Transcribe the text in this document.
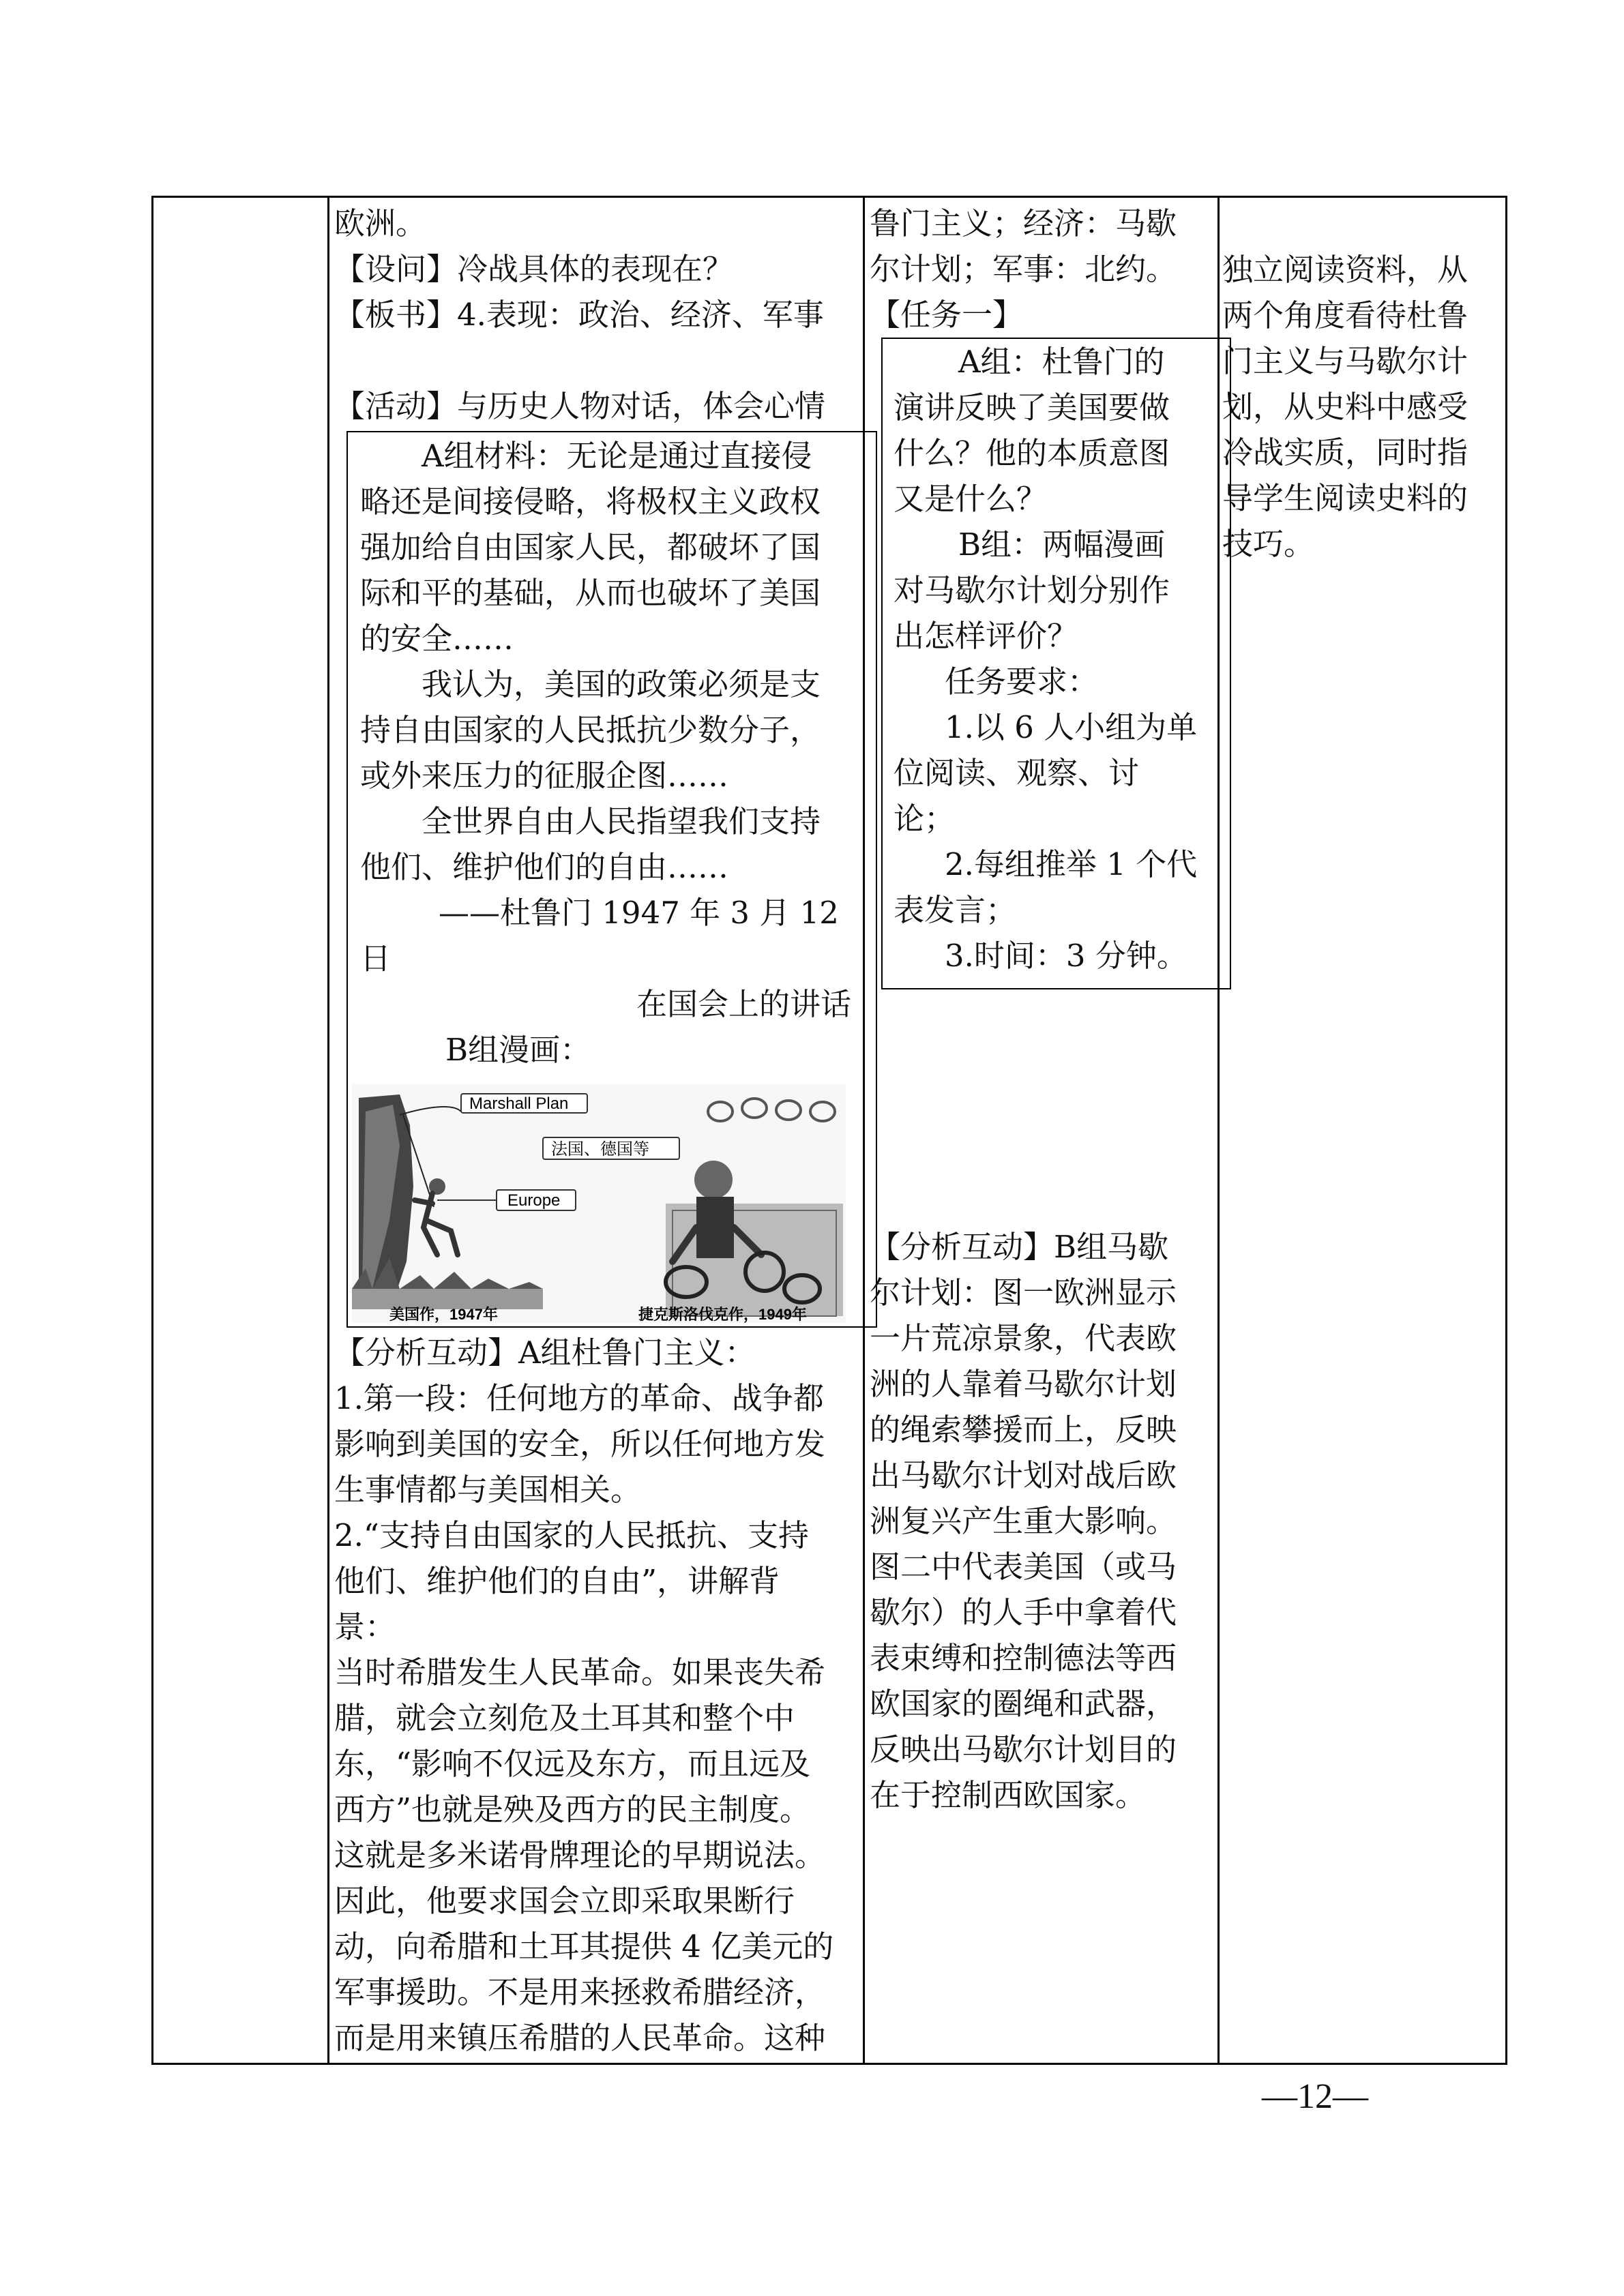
欧洲。

【设问】冷战具体的表现在？

【板书】4.表现：政治、经济、军事

【活动】与历史人物对话，体会心情

A组材料：无论是通过直接侵

略还是间接侵略，将极权主义政权

强加给自由国家人民，都破坏了国

际和平的基础，从而也破坏了美国

的安全……

我认为，美国的政策必须是支

持自由国家的人民抵抗少数分子，

或外来压力的征服企图……

全世界自由人民指望我们支持

他们、维护他们的自由……

——杜鲁门 1947 年 3 月 12

日

在国会上的讲话

B组漫画：

Marshall Plan
Europe
法国、德国等
美国作，1947年	捷克斯洛伐克作，1949年

【分析互动】A组杜鲁门主义：

1.第一段：任何地方的革命、战争都

影响到美国的安全，所以任何地方发

生事情都与美国相关。

2.“支持自由国家的人民抵抗、支持

他们、维护他们的自由”，讲解背

景：

当时希腊发生人民革命。如果丧失希

腊，就会立刻危及土耳其和整个中

东，“影响不仅远及东方，而且远及

西方”也就是殃及西方的民主制度。

这就是多米诺骨牌理论的早期说法。

因此，他要求国会立即采取果断行

动，向希腊和土耳其提供 4 亿美元的

军事援助。不是用来拯救希腊经济，

而是用来镇压希腊的人民革命。这种

鲁门主义；经济：马歇

尔计划；军事：北约。

【任务一】

A组：杜鲁门的

演讲反映了美国要做

什么？他的本质意图

又是什么？

B组：两幅漫画

对马歇尔计划分别作

出怎样评价？

任务要求：

1.以 6 人小组为单

位阅读、观察、讨

论；

2.每组推举 1 个代

表发言；

3.时间：3 分钟。

【分析互动】B组马歇

尔计划：图一欧洲显示

一片荒凉景象，代表欧

洲的人靠着马歇尔计划

的绳索攀援而上，反映

出马歇尔计划对战后欧

洲复兴产生重大影响。

图二中代表美国（或马

歇尔）的人手中拿着代

表束缚和控制德法等西

欧国家的圈绳和武器，

反映出马歇尔计划目的

在于控制西欧国家。

独立阅读资料，从

两个角度看待杜鲁

门主义与马歇尔计

划，从史料中感受

冷战实质，同时指

导学生阅读史料的

技巧。

—12—
